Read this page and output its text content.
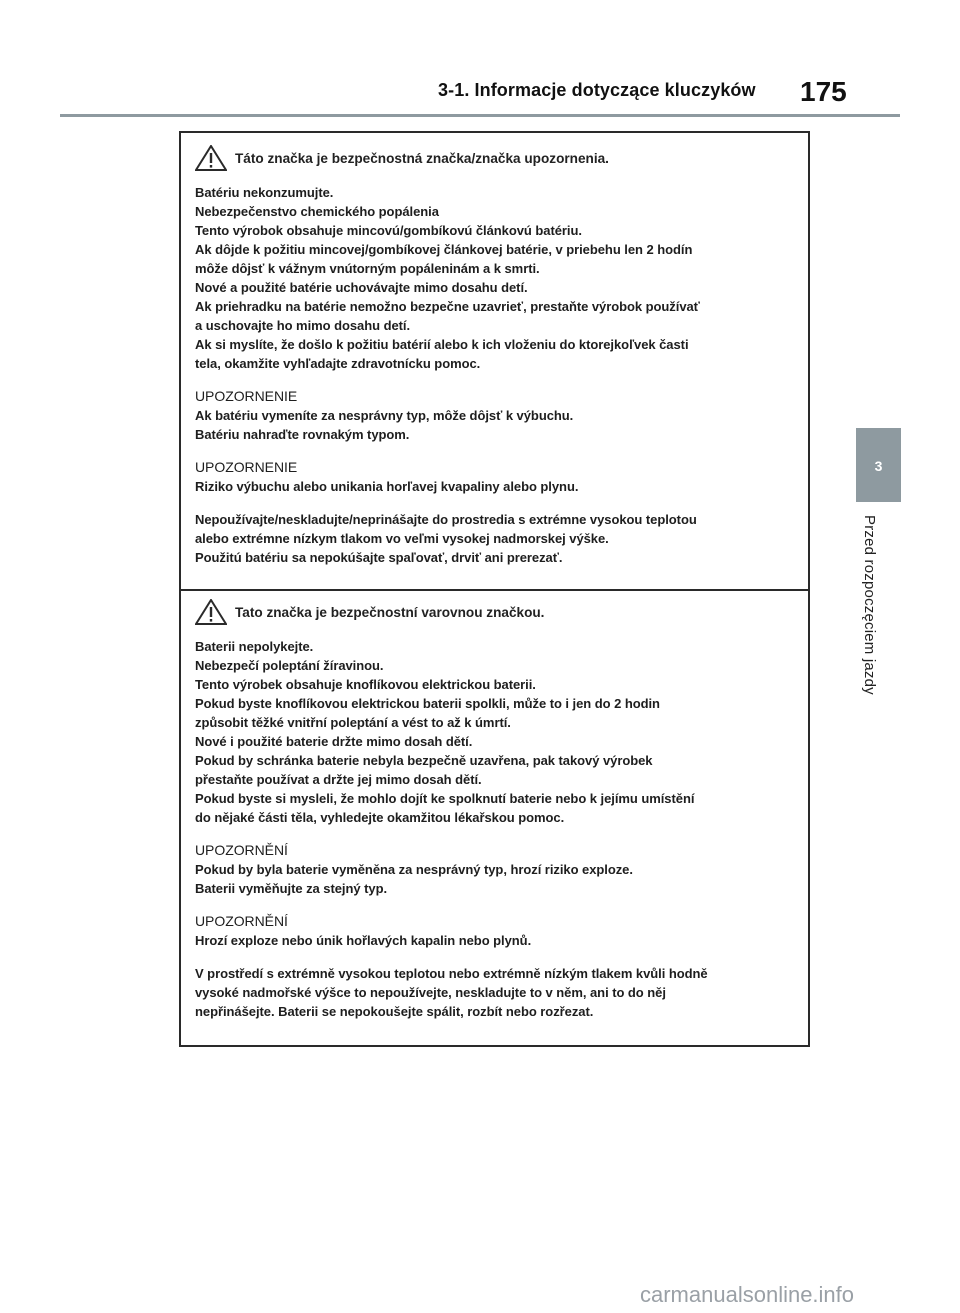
3-1. Informacje dotyczące kluczyków 175
3
Przed rozpoczęciem jazdy
Táto značka je bezpečnostná značka/značka upozornenia.
Batériu nekonzumujte.
Nebezpečenstvo chemického popálenia
Tento výrobok obsahuje mincovú/gombíkovú článkovú batériu.
Ak dôjde k požitiu mincovej/gombíkovej článkovej batérie, v priebehu len 2 hodín
môže dôjsť k vážnym vnútorným popáleninám a k smrti.
Nové a použité batérie uchovávajte mimo dosahu detí.
Ak priehradku na batérie nemožno bezpečne uzavrieť, prestaňte výrobok používať
a uschovajte ho mimo dosahu detí.
Ak si myslíte, že došlo k požitiu batérií alebo k ich vloženiu do ktorejkoľvek časti
tela, okamžite vyhľadajte zdravotnícku pomoc.
UPOZORNENIE
Ak batériu vymeníte za nesprávny typ, môže dôjsť k výbuchu.
Batériu nahraďte rovnakým typom.
UPOZORNENIE
Riziko výbuchu alebo unikania horľavej kvapaliny alebo plynu.
Nepoužívajte/neskladujte/neprinášajte do prostredia s extrémne vysokou teplotou
alebo extrémne nízkym tlakom vo veľmi vysokej nadmorskej výške.
Použitú batériu sa nepokúšajte spaľovať, drviť ani prerezať.
Tato značka je bezpečnostní varovnou značkou.
Baterii nepolykejte.
Nebezpečí poleptání žíravinou.
Tento výrobek obsahuje knoflíkovou elektrickou baterii.
Pokud byste knoflíkovou elektrickou baterii spolkli, může to i jen do 2 hodin
způsobit těžké vnitřní poleptání a vést to až k úmrtí.
Nové i použité baterie držte mimo dosah dětí.
Pokud by schránka baterie nebyla bezpečně uzavřena, pak takový výrobek
přestaňte používat a držte jej mimo dosah dětí.
Pokud byste si mysleli, že mohlo dojít ke spolknutí baterie nebo k jejímu umístění
do nějaké části těla, vyhledejte okamžitou lékařskou pomoc.
UPOZORNĚNÍ
Pokud by byla baterie vyměněna za nesprávný typ, hrozí riziko exploze.
Baterii vyměňujte za stejný typ.
UPOZORNĚNÍ
Hrozí exploze nebo únik hořlavých kapalin nebo plynů.
V prostředí s extrémně vysokou teplotou nebo extrémně nízkým tlakem kvůli hodně
vysoké nadmořské výšce to nepoužívejte, neskladujte to v něm, ani to do něj
nepřinášejte. Baterii se nepokoušejte spálit, rozbít nebo rozřezat.
carmanualsonline.info
